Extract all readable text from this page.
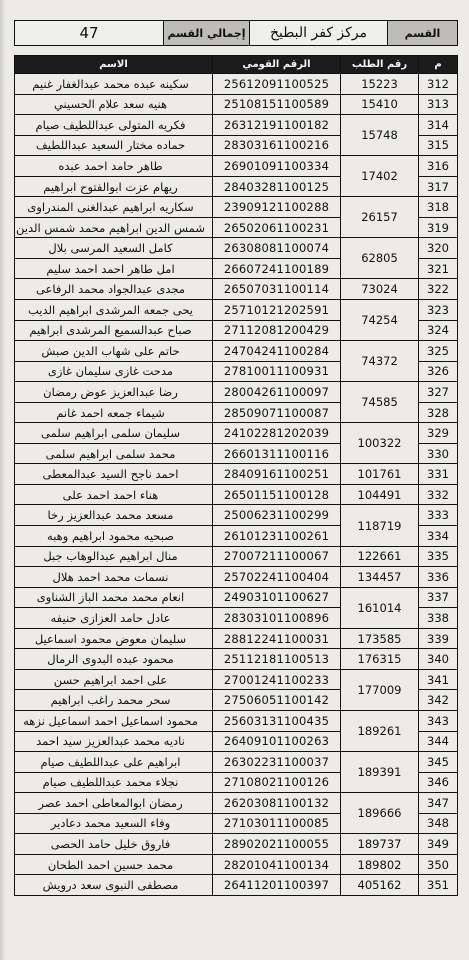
القسم
مركز كفر البطيخ
إجمالي القسم
47
م	رقم الطلب	الرقم القومي	الاسم
312	15223	25612091100525	سكينه عبده محمد عبدالغفار غنيم
313	15410	25108151100589	هنيه سعد علام الحسيني
314	15748	26312191100182	فكريه المتولى عبداللطيف صيام
315		28303161100216	حماده مختار السعيد عبداللطيف
316	17402	26901091100334	طاهر حامد احمد عبده
317		28403281100125	ريهام عزت ابوالفتوح ابراهيم
318	26157	23909121100288	سكاريه ابراهيم عبدالغنى المندراوى
319		26502061100231	شمس الدين ابراهيم محمد شمس الدين
320	62805	26308081100074	كامل السعيد المرسى بلال
321		26607241100189	امل طاهر احمد احمد سليم
322	73024	26507031100114	مجدى عبدالجواد محمد الرفاعى
323	74254	25710121202591	يحى جمعه المرشدى ابراهيم الديب
324		27112081200429	صباح عبدالسميع المرشدى ابراهيم
325	74372	24704241100284	حاتم على شهاب الدين صبش
326		27810011100931	مدحت غازى سليمان غازى
327	74585	28004261100097	رضا عبدالعزيز عوض رمضان
328		28509071100087	شيماء جمعه احمد غانم
329	100322	24102281202039	سليمان سلمى ابراهيم سلمى
330		26601311100116	محمد سلمى ابراهيم سلمى
331	101761	28409161100251	احمد ناجح السيد عبدالمعطى
332	104491	26501151100128	هناء احمد احمد على
333	118719	25006231100299	مسعد محمد عبدالعزيز رخا
334		26101231100261	صبحيه محمود ابراهيم وهبه
335	122661	27007211100067	منال ابراهيم عبدالوهاب جبل
336	134457	25702241100404	نسمات محمد احمد هلال
337	161014	24903101100627	انعام محمد محمد الباز الشناوى
338		28303101100896	عادل حامد العزازى حنيفه
339	173585	28812241100031	سليمان معوض محمود اسماعيل
340	176315	25112181100513	محمود عبده البدوى الرمال
341	177009	27001241100233	على احمد ابراهيم حسن
342		27506051100142	سحر محمد راغب ابراهيم
343	189261	25603131100435	محمود اسماعيل احمد اسماعيل نزهه
344		26409101100263	ناديه محمد عبدالعزيز سيد احمد
345	189391	26302231100037	ابراهيم على عبداللطيف صيام
346		27108021100126	نجلاء محمد عبداللطيف صيام
347	189666	26203081100132	رمضان ابوالمعاطى احمد عصر
348		27103011100085	وفاء السعيد محمد دعادير
349	189737	28902021100055	فاروق خليل حامد الحصى
350	189802	28201041100134	محمد حسين احمد الطحان
351	405162	26411201100397	مصطفى النبوى سعد درويش
